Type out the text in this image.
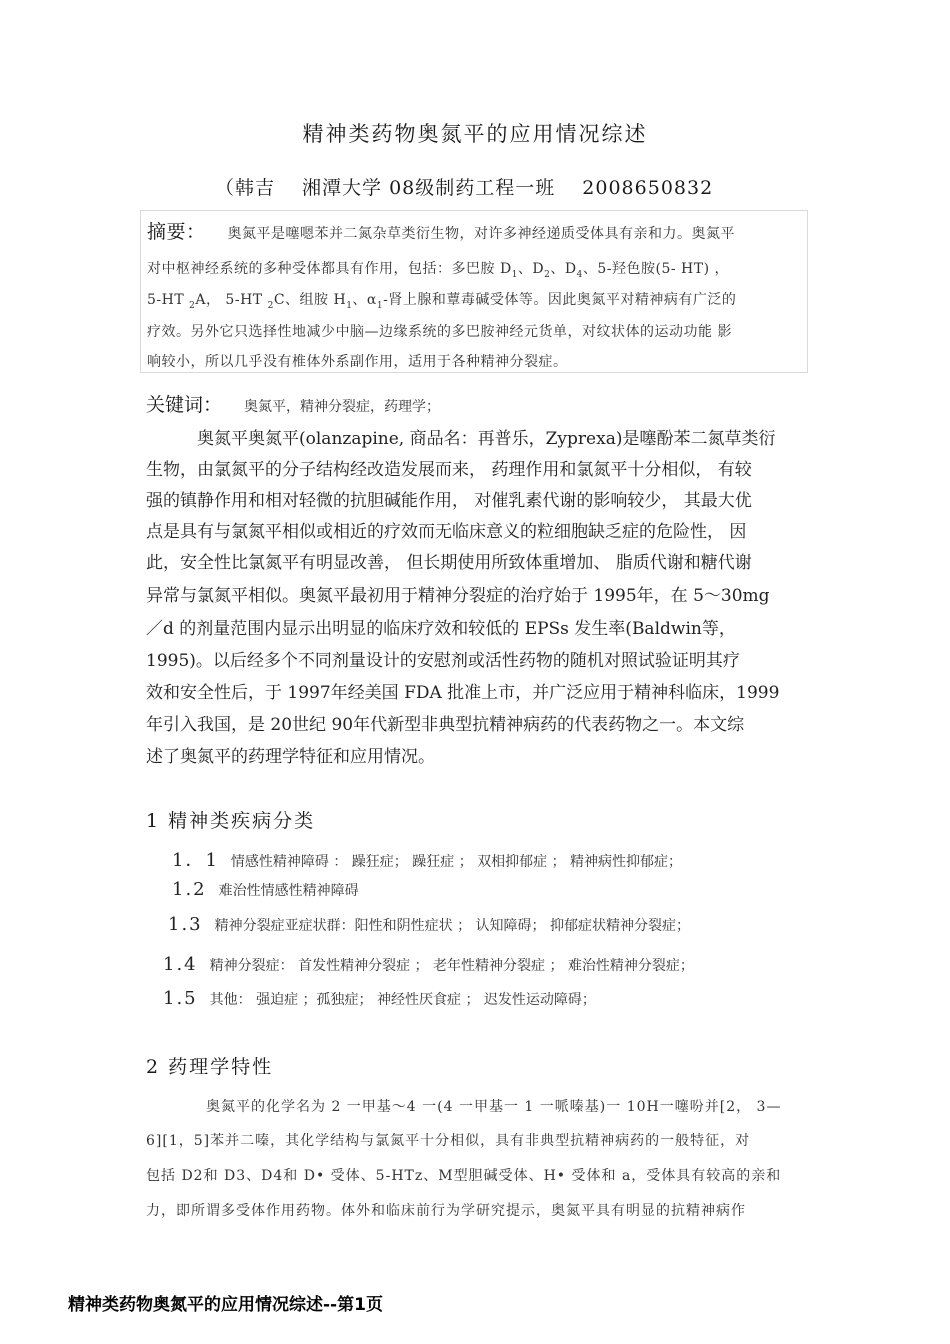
精神类药物奥氮平的应用情况综述
（韩吉　 湘潭大学 08级制药工程一班　 2008650832
摘要： 奥氮平是噻嗯苯并二氮杂草类衍生物，对许多神经递质受体具有亲和力。奥氮平
对中枢神经系统的多种受体都具有作用，包括：多巴胺 $D_1$、$D_2$、$D_4$、5-羟色胺(5- HT) ，
5-HT $_2$A， 5-HT $_2$C、组胺 $H_1$、$\alpha_1-$肾上腺和蕈毒碱受体等。因此奥氮平对精神病有广泛的
疗效。另外它只选择性地减少中脑—边缘系统的多巴胺神经元货单，对纹状体的运动功能 影
响较小，所以几乎没有椎体外系副作用，适用于各种精神分裂症。
关键词： 奥氮平，精神分裂症，药理学；
　　　奥氮平奥氮平(olanzapine, 商品名：再普乐，Zyprexa)是噻酚苯二氮草类衍
生物，由氯氮平的分子结构经改造发展而来， 药理作用和氯氮平十分相似， 有较
强的镇静作用和相对轻微的抗胆碱能作用， 对催乳素代谢的影响较少， 其最大优
点是具有与氯氮平相似或相近的疗效而无临床意义的粒细胞缺乏症的危险性， 因
此，安全性比氯氮平有明显改善， 但长期使用所致体重增加、 脂质代谢和糖代谢
异常与氯氮平相似。奥氮平最初用于精神分裂症的治疗始于 1995年，在 5～30mg
／d 的剂量范围内显示出明显的临床疗效和较低的 EPSs 发生率(Baldwin等，
1995)。以后经多个不同剂量设计的安慰剂或活性药物的随机对照试验证明其疗
效和安全性后，于 1997年经美国 FDA 批准上市，并广泛应用于精神科临床，1999
年引入我国，是 20世纪 90年代新型非典型抗精神病药的代表药物之一。本文综
述了奥氮平的药理学特征和应用情况。
1 精神类疾病分类
1．1 情感性精神障碍 ： 躁狂症； 躁狂症 ； 双相抑郁症 ； 精神病性抑郁症；
1.2 难治性情感性精神障碍
1.3 精神分裂症亚症状群：阳性和阴性症状 ； 认知障碍； 抑郁症状精神分裂症；
1.4 精神分裂症： 首发性精神分裂症 ； 老年性精神分裂症 ； 难治性精神分裂症；
1.5 其他： 强迫症 ；孤独症； 神经性厌食症 ； 迟发性运动障碍；
2 药理学特性
　　　　奥氮平的化学名为 2 一甲基～4 一(4 一甲基一 1 一哌嗪基)一 10H一噻吩并[2， 3—
6][1，5]苯并二嗪，其化学结构与氯氮平十分相似，具有非典型抗精神病药的一般特征，对
包括 D2和 D3、D4和 D• 受体、5-HTz、M型胆碱受体、H• 受体和 a，受体具有较高的亲和
力，即所谓多受体作用药物。体外和临床前行为学研究提示，奥氮平具有明显的抗精神病作
精神类药物奥氮平的应用情况综述--第1页
